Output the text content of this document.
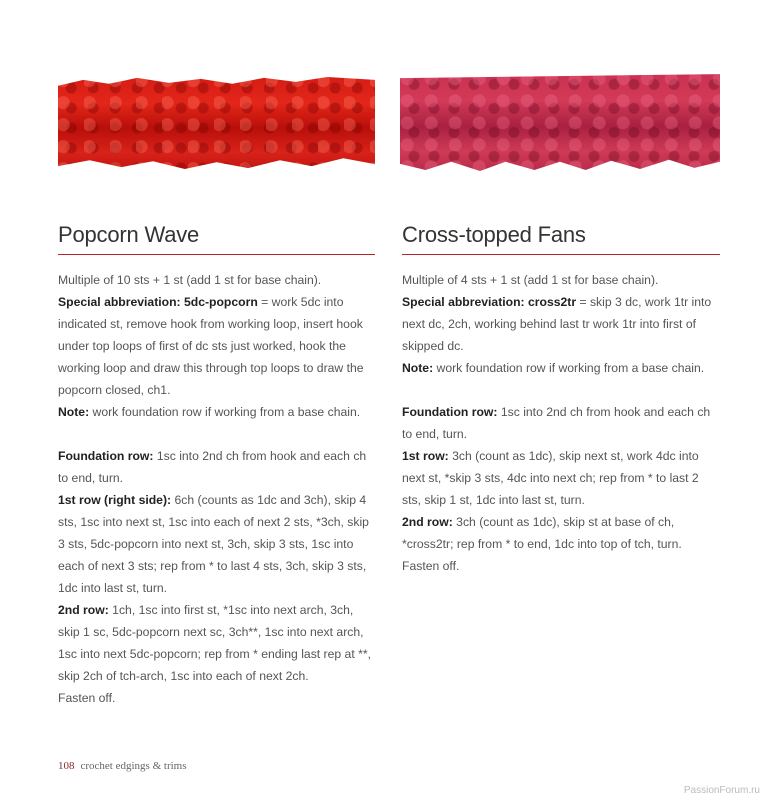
Popcorn Wave

Multiple of 10 sts + 1 st (add 1 st for base chain).

Special abbreviation: 5dc-popcorn = work 5dc into indicated st, remove hook from working loop, insert hook under top loops of first of dc sts just worked, hook the working loop and draw this through top loops to draw the popcorn closed, ch1.

Note: work foundation row if working from a base chain.

Foundation row: 1sc into 2nd ch from hook and each ch to end, turn.

1st row (right side): 6ch (counts as 1dc and 3ch), skip 4 sts, 1sc into next st, 1sc into each of next 2 sts, *3ch, skip 3 sts, 5dc-popcorn into next st, 3ch, skip 3 sts, 1sc into each of next 3 sts; rep from * to last 4 sts, 3ch, skip 3 sts, 1dc into last st, turn.

2nd row: 1ch, 1sc into first st, *1sc into next arch, 3ch, skip 1 sc, 5dc-popcorn next sc, 3ch**, 1sc into next arch, 1sc into next 5dc-popcorn; rep from * ending last rep at **, skip 2ch of tch-arch, 1sc into each of next 2ch.

Fasten off.

Cross-topped Fans

Multiple of 4 sts + 1 st (add 1 st for base chain).

Special abbreviation: cross2tr = skip 3 dc, work 1tr into next dc, 2ch, working behind last tr work 1tr into first of skipped dc.

Note: work foundation row if working from a base chain.

Foundation row: 1sc into 2nd ch from hook and each ch to end, turn.

1st row: 3ch (count as 1dc), skip next st, work 4dc into next st, *skip 3 sts, 4dc into next ch; rep from * to last 2 sts, skip 1 st, 1dc into last st, turn.

2nd row: 3ch (count as 1dc), skip st at base of ch, *cross2tr; rep from * to end, 1dc into top of tch, turn.

Fasten off.

108 crochet edgings & trims
PassionForum.ru
